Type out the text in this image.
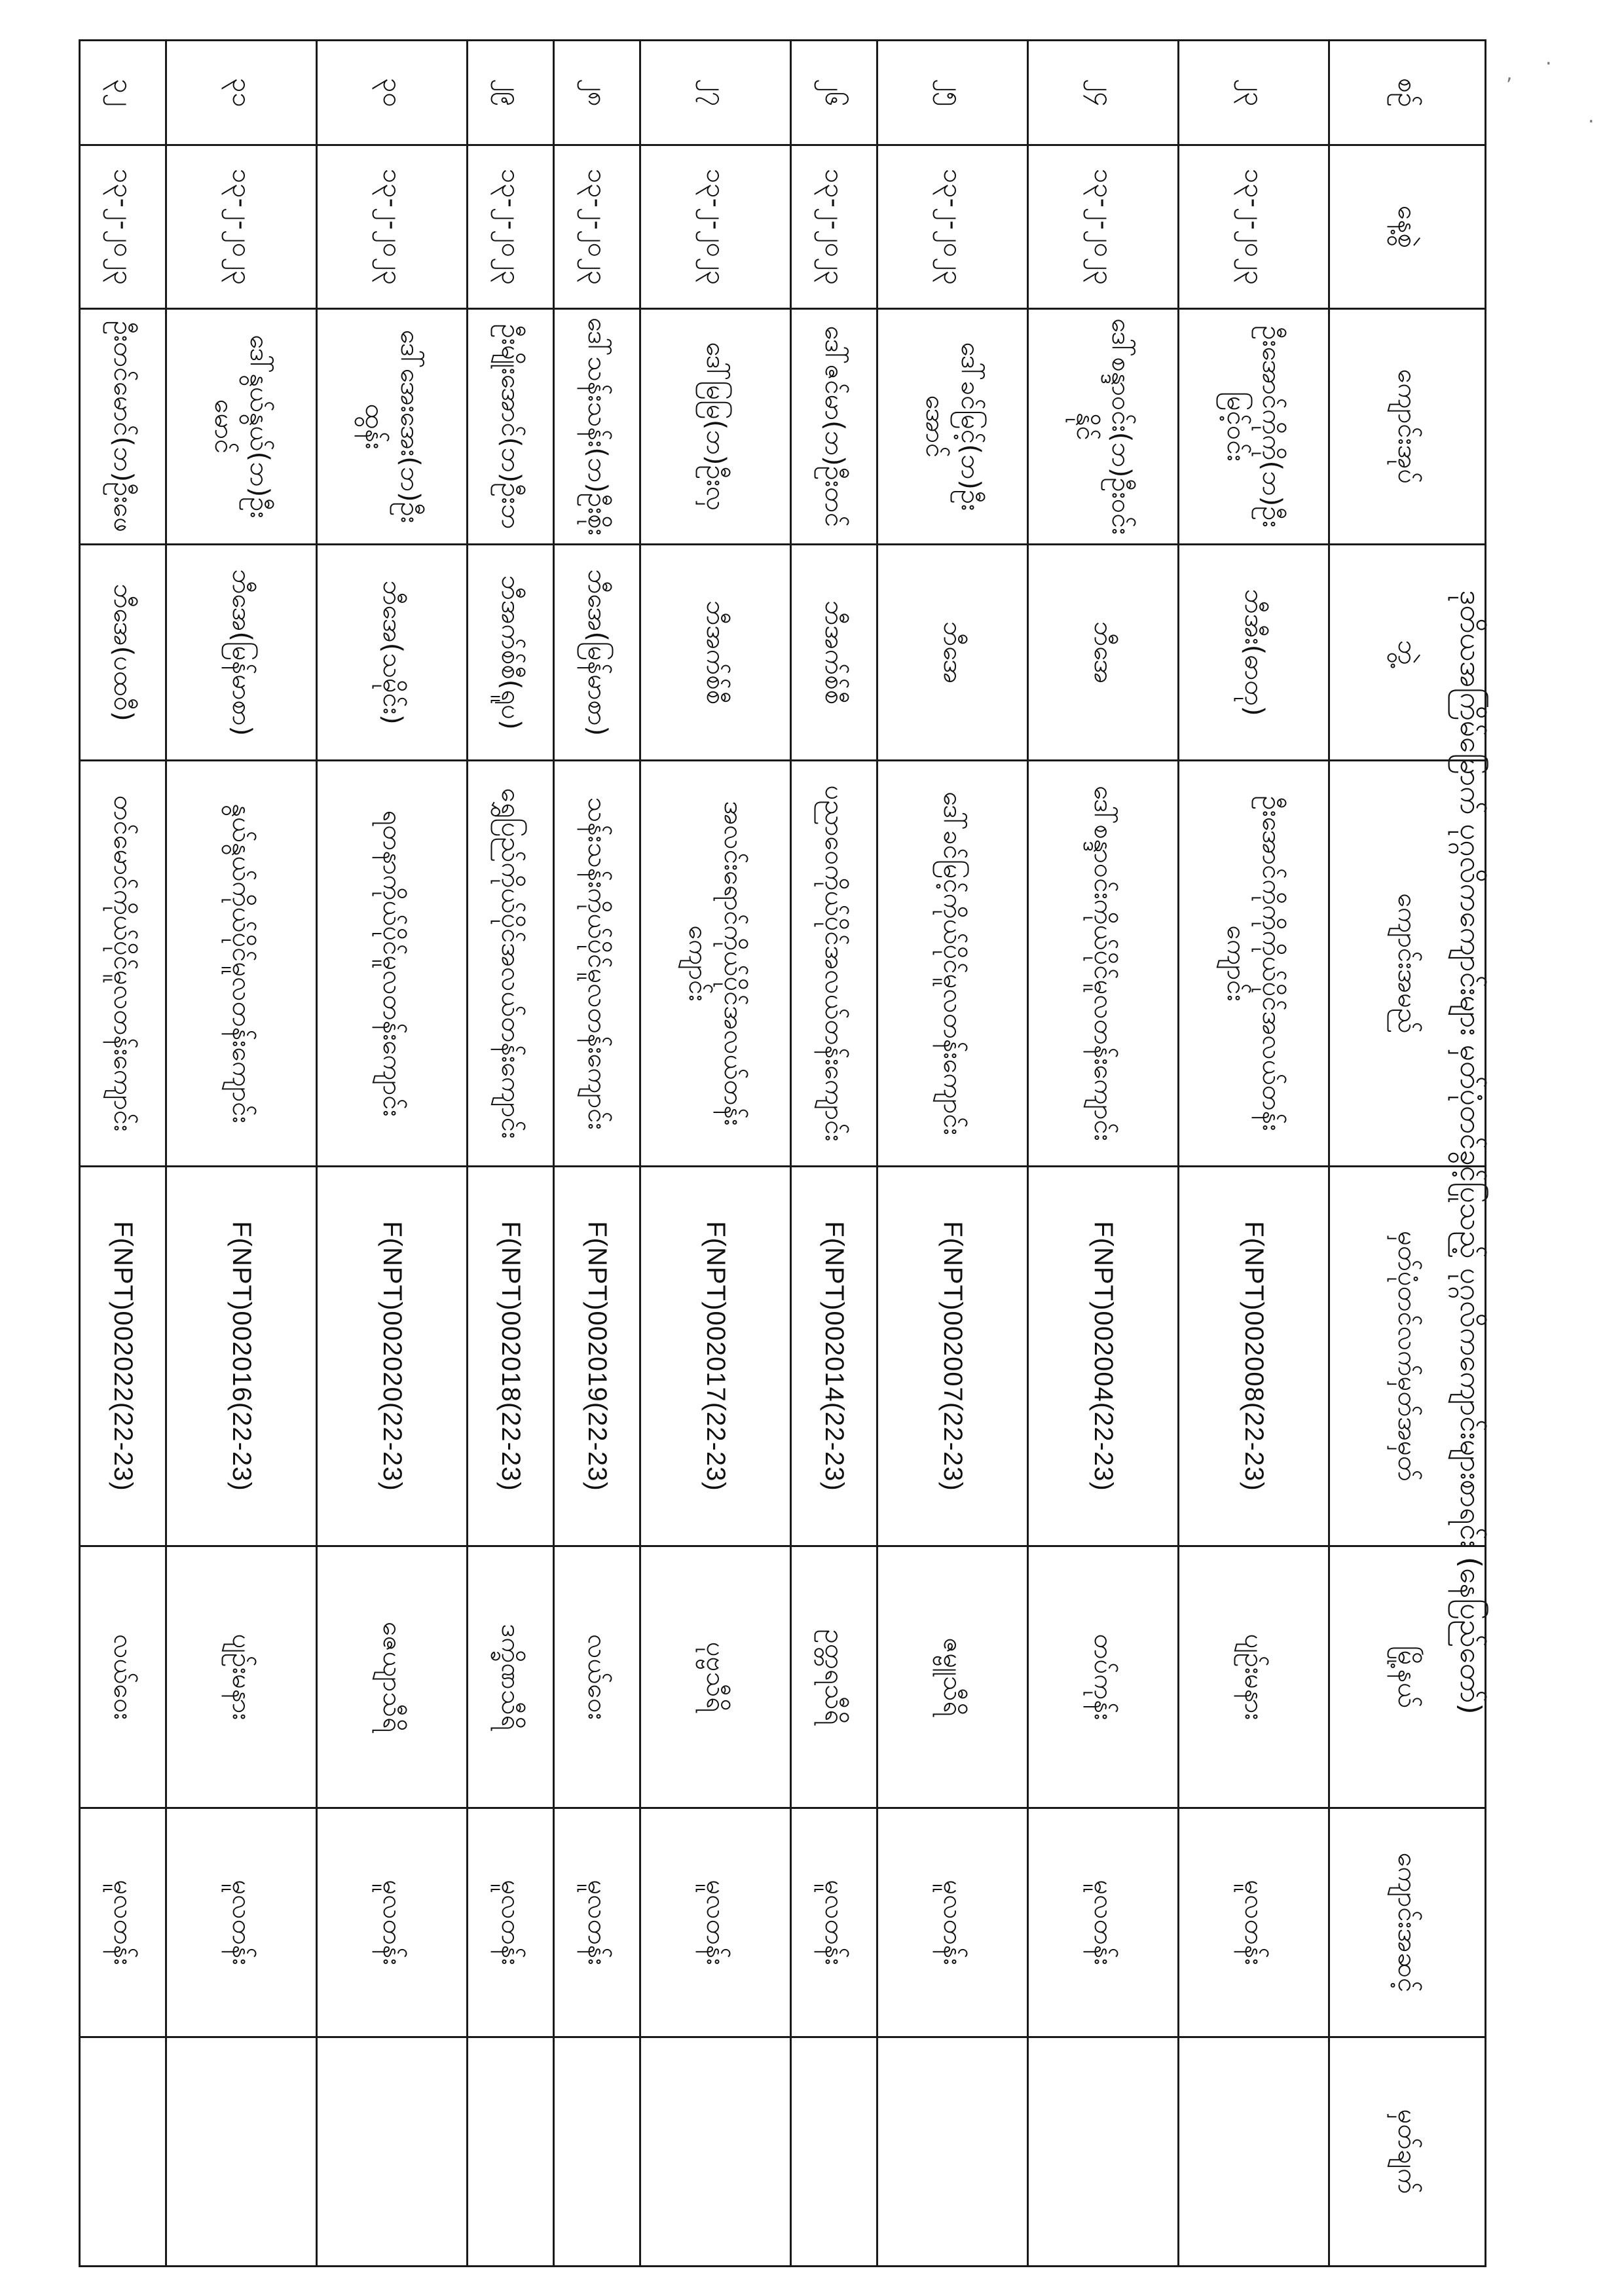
ဒုတိယအကြိမ်မြောက် ပုဂ္ဂလိကကျောင်းများ မှတ်ပုံတင်ခွင့်ပြုသည့် ပုဂ္ဂလိကကျောင်းများစာရင်း (နေပြည်တော်)
, ·
.
စဉ်	နေ့စွဲ	ကျောင်းအုပ်	ဘွဲ့	ကျောင်းအမည်	မှတ်ပုံတင်လက်မှတ်အမှတ်	မြို့နယ်	ကျောင်းအဆင့်	မှတ်ချက်
၂၃	၁၃-၂-၂၀၂၃	ဦးအောင်ကိုကို(ဘ)ဦးမြင့်ဝင်း	ဘီအီး(ဓာတု)	ဦးအောင်ကိုကိုကိုယ်ပိုင်အလယ်တန်းကျောင်း	F(NPT)002008(22-23)	ပျဉ်းမနား	မူလတန်း	
၂၄	၁၃-၂-၂၀၂၃	ဒေါ်စန္ဒာဝင်း(ဘ)ဦးဝင်းနိုင်	ဘီအေ	ဒေါ်စန္ဒာဝင်းကိုယ်ပိုင်မူလတန်းကျောင်း	F(NPT)002004(22-23)	တပ်ကုန်း	မူလတန်း	
၂၅	၁၃-၂-၂၀၂၃	ဒေါ်ခင်မြင့်(ဘ)ဦးအောင်	ဘီအေ	ဒေါ်ခင်မြင့်ကိုယ်ပိုင်မူလတန်းကျောင်း	F(NPT)002007(22-23)	ဇမ္ဗူသီရိ	မူလတန်း	
၂၆	၁၃-၂-၂၀၂၃	ဒေါ်ဇင်မာ(ဘ)ဦးတင်	ဘီအက်စ်စီ	ပညာဝေကိုယ်ပိုင်အလယ်တန်းကျောင်း	F(NPT)002014(22-23)	ဥတ္တရသီရိ	မူလတန်း	
၂၇	၁၃-၂-၂၀၂၃	ဒေါ်မြမြ(ဘ)ဦးလှ	ဘီအက်စ်စီ	အလင်းရောင်ကိုယ်ပိုင်အလယ်တန်းကျောင်း	F(NPT)002017(22-23)	ပုဗ္ဗသီရိ	မူလတန်း	
၂၈	၁၃-၂-၂၀၂၃	ဒေါ်သန်းသန်း(ဘ)ဦးစိုး	ဘီအေ(မြန်မာစာ)	သန်းသန်းကိုယ်ပိုင်မူလတန်းကျောင်း	F(NPT)002019(22-23)	လယ်ဝေး	မူလတန်း	
၂၉	၁၃-၂-၂၀၂၃	ဦးမျိုးအောင်(ဘ)ဦးဘ	ဘီအက်စ်စီ(ရူပ)	ရွှေပြည်ကိုယ်ပိုင်အလယ်တန်းကျောင်း	F(NPT)002018(22-23)	ဒက္ခိဏသီရိ	မူလတန်း	
၃၀	၁၃-၂-၂၀၂၃	ဒေါ်အေးအေး(ဘ)ဦးထွန်း	ဘီအေ(သမိုင်း)	ရတနာကိုယ်ပိုင်မူလတန်းကျောင်း	F(NPT)002020(22-23)	ဇေယျာသီရိ	မူလတန်း	
၃၁	၁၃-၂-၂၀၂၃	ဒေါ်နွယ်နွယ်(ဘ)ဦးမောင်	ဘီအေ(မြန်မာစာ)	နွယ်နွယ်ကိုယ်ပိုင်မူလတန်းကျောင်း	F(NPT)002016(22-23)	ပျဉ်းမနား	မူလတန်း	
၃၂	၁၃-၂-၂၀၂၃	ဦးတင်မောင်(ဘ)ဦးဖေ	ဘီအေ(ပထဝီ)	တင်မောင်ကိုယ်ပိုင်မူလတန်းကျောင်း	F(NPT)002022(22-23)	လယ်ဝေး	မူလတန်း	
